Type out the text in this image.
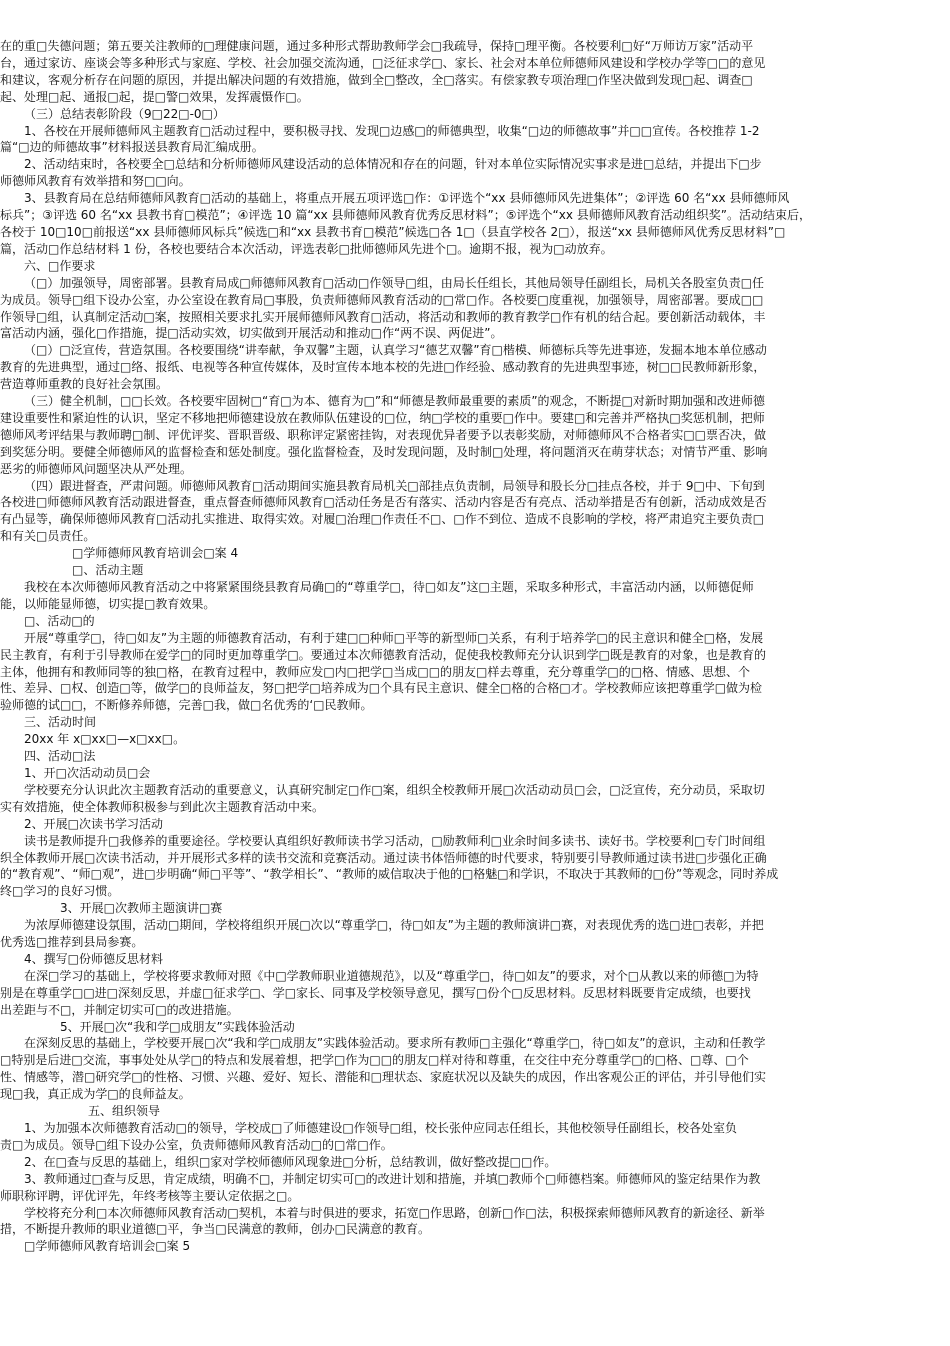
在的重□失德问题；第五要关注教师的□理健康问题，通过多种形式帮助教师学会□我疏导，保持□理平衡。各校要利□好“万师访万家”活动平

台，通过家访、座谈会等多种形式与家庭、学校、社会加强交流沟通，□泛征求学□、家长、社会对本单位师德师风建设和学校办学等□□的意见

和建议，客观分析存在问题的原因，并提出解决问题的有效措施，做到全□整改，全□落实。有偿家教专项治理□作坚决做到发现□起、调查□

起、处理□起、通报□起，提□警□效果，发挥震慑作□。

（三）总结表彰阶段（9□22□-0□）

1、各校在开展师德师风主题教育□活动过程中，要积极寻找、发现□边感□的师德典型，收集“□边的师德故事”并□□宣传。各校推荐 1-2

篇“□边的师德故事”材料报送县教育局汇编成册。

2、活动结束时，各校要全□总结和分析师德师风建设活动的总体情况和存在的问题，针对本单位实际情况实事求是进□总结，并提出下□步

师德师风教育有效举措和努□□向。

3、县教育局在总结师德师风教育□活动的基础上，将重点开展五项评选□作：①评选个“xx 县师德师风先进集体”；②评选 60 名“xx 县师德师风

标兵”；③评选 60 名“xx 县教书育□模范”；④评选 10 篇“xx 县师德师风教育优秀反思材料”；⑤评选个“xx 县师德师风教育活动组织奖”。活动结束后，

各校于 10□10□前报送“xx 县师德师风标兵”候选□和“xx 县教书育□模范”候选□各 1□（县直学校各 2□），报送“xx 县师德师风优秀反思材料”□

篇，活动□作总结材料 1 份，各校也要结合本次活动，评选表彰□批师德师风先进个□。逾期不报，视为□动放弃。

六、□作要求

（□）加强领导，周密部署。县教育局成□师德师风教育□活动□作领导□组，由局长任组长，其他局领导任副组长，局机关各股室负责□任

为成员。领导□组下设办公室，办公室设在教育局□事股，负责师德师风教育活动的□常□作。各校要□度重视，加强领导，周密部署。要成□□

作领导□组，认真制定活动□案，按照相关要求扎实开展师德师风教育□活动，将活动和教师的教育教学□作有机的结合起。要创新活动载体，丰

富活动内涵，强化□作措施，提□活动实效，切实做到开展活动和推动□作“两不误、两促进”。

（□）□泛宣传，营造氛围。各校要围绕“讲奉献，争双馨”主题，认真学习“德艺双馨”育□楷模、师德标兵等先进事迹，发掘本地本单位感动

教育的先进典型，通过□络、报纸、电视等各种宣传媒体，及时宣传本地本校的先进□作经验、感动教育的先进典型事迹，树□□民教师新形象，

营造尊师重教的良好社会氛围。

（三）健全机制，□□长效。各校要牢固树□“育□为本、德育为□”和“师德是教师最重要的素质”的观念，不断提□对新时期加强和改进师德

建设重要性和紧迫性的认识，坚定不移地把师德建设放在教师队伍建设的□位，纳□学校的重要□作中。要建□和完善并严格执□奖惩机制，把师

德师风考评结果与教师聘□制、评优评奖、晋职晋级、职称评定紧密挂钩，对表现优异者要予以表彰奖励，对师德师风不合格者实□□票否决，做

到奖惩分明。要健全师德师风的监督检查和惩处制度。强化监督检查，及时发现问题，及时制□处理，将问题消灭在萌芽状态；对情节严重、影响

恶劣的师德师风问题坚决从严处理。

（四）跟进督查，严肃问题。师德师风教育□活动期间实施县教育局机关□部挂点负责制，局领导和股长分□挂点各校，并于 9□中、下旬到

各校进□师德师风教育活动跟进督查，重点督查师德师风教育□活动任务是否有落实、活动内容是否有亮点、活动举措是否有创新，活动成效是否

有凸显等，确保师德师风教育□活动扎实推进、取得实效。对履□治理□作责任不□、□作不到位、造成不良影响的学校，将严肃追究主要负责□

和有关□员责任。

□学师德师风教育培训会□案 4

□、活动主题

我校在本次师德师风教育活动之中将紧紧围绕县教育局确□的“尊重学□，待□如友”这□主题，采取多种形式，丰富活动内涵，以师德促师

能，以师能显师德，切实提□教育效果。

□、活动□的

开展“尊重学□，待□如友”为主题的师德教育活动，有利于建□□种师□平等的新型师□关系，有利于培养学□的民主意识和健全□格，发展

民主教育，有利于引导教师在爱学□的同时更加尊重学□。要通过本次师德教育活动，促使我校教师充分认识到学□既是教育的对象，也是教育的

主体，他拥有和教师同等的独□格，在教育过程中，教师应发□内□把学□当成□□的朋友□样去尊重，充分尊重学□的□格、情感、思想、个

性、差异、□权、创造□等，做学□的良师益友，努□把学□培养成为□个具有民主意识、健全□格的合格□才。学校教师应该把尊重学□做为检

验师德的试□□，不断修养师德，完善□我，做□名优秀的‘□民教师。

三、活动时间

20xx 年 x□xx□—x□xx□。

四、活动□法

1、开□次活动动员□会

学校要充分认识此次主题教育活动的重要意义，认真研究制定□作□案，组织全校教师开展□次活动动员□会，□泛宣传，充分动员，采取切

实有效措施，使全体教师积极参与到此次主题教育活动中来。

2、开展□次读书学习活动

读书是教师提升□我修养的重要途径。学校要认真组织好教师读书学习活动，□励教师利□业余时间多读书、读好书。学校要利□专门时间组

织全体教师开展□次读书活动，并开展形式多样的读书交流和竞赛活动。通过读书体悟师德的时代要求，特别要引导教师通过读书进□步强化正确

的“教育观”、“师□观”，进□步明确“师□平等”、“教学相长”、“教师的威信取决于他的□格魅□和学识，不取决于其教师的□份”等观念，同时养成

终□学习的良好习惯。

3、开展□次教师主题演讲□赛

为浓厚师德建设氛围，活动□期间，学校将组织开展□次以“尊重学□，待□如友”为主题的教师演讲□赛，对表现优秀的选□进□表彰，并把

优秀选□推荐到县局参赛。

4、撰写□份师德反思材料

在深□学习的基础上，学校将要求教师对照《中□学教师职业道德规范》，以及“尊重学□，待□如友”的要求，对个□从教以来的师德□为特

别是在尊重学□□进□深刻反思，并虚□征求学□、学□家长、同事及学校领导意见，撰写□份个□反思材料。反思材料既要肯定成绩，也要找

出差距与不□，并制定切实可□的改进措施。

5、开展□次“我和学□成朋友”实践体验活动

在深刻反思的基础上，学校要开展□次“我和学□成朋友”实践体验活动。要求所有教师□主强化“尊重学□，待□如友”的意识，主动和任教学

□特别是后进□交流，事事处处从学□的特点和发展着想，把学□作为□□的朋友□样对待和尊重，在交往中充分尊重学□的□格、□尊、□个

性、情感等，潜□研究学□的性格、习惯、兴趣、爱好、短长、潜能和□理状态、家庭状况以及缺失的成因，作出客观公正的评估，并引导他们实

现□我，真正成为学□的良师益友。

五、组织领导

1、为加强本次师德教育活动□的领导，学校成□了师德建设□作领导□组，校长张仲应同志任组长，其他校领导任副组长，校各处室负

责□为成员。领导□组下设办公室，负责师德师风教育活动□的□常□作。

2、在□查与反思的基础上，组织□家对学校师德师风现象进□分析，总结教训，做好整改提□□作。

3、教师通过□查与反思，肯定成绩，明确不□，并制定切实可□的改进计划和措施，并填□教师个□师德档案。师德师风的鉴定结果作为教

师职称评聘，评优评先，年终考核等主要认定依据之□。

学校将充分利□本次师德师风教育活动□契机，本着与时俱进的要求，拓宽□作思路，创新□作□法，积极探索师德师风教育的新途径、新举

措，不断提升教师的职业道德□平，争当□民满意的教师，创办□民满意的教育。

□学师德师风教育培训会□案 5
